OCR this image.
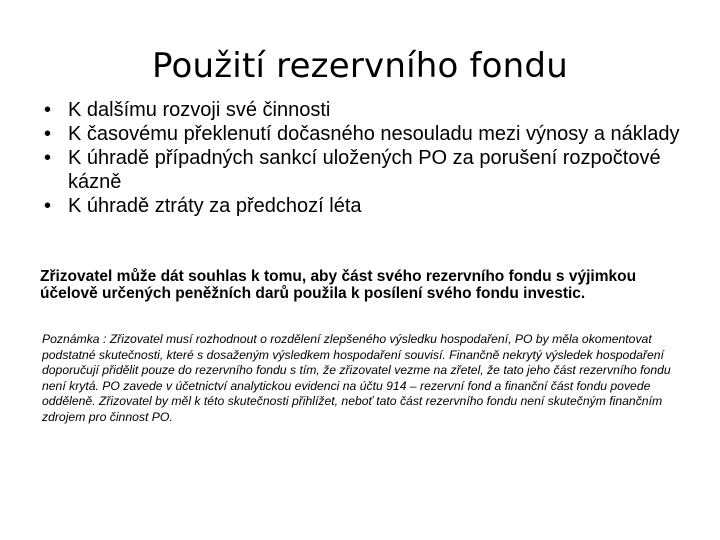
Použití rezervního fondu
• K dalšímu rozvoji své činnosti
• K časovému překlenutí dočasného nesouladu mezi výnosy a náklady
• K úhradě případných sankcí uložených PO za porušení rozpočtové kázně
• K úhradě ztráty za předchozí léta

Zřizovatel může dát souhlas k tomu, aby část svého rezervního fondu s výjimkou účelově určených peněžních darů použila k posílení svého fondu investic.

Poznámka : Zřizovatel musí rozhodnout o rozdělení zlepšeného výsledku hospodaření, PO by měla okomentovat podstatné skutečnosti, které s dosaženým výsledkem hospodaření souvisí. Finančně nekrytý výsledek hospodaření doporučují přidělit pouze do rezervního fondu s tím, že zřizovatel vezme na zřetel, že tato jeho část rezervního fondu není krytá. PO zavede v účetnictví analytickou evidenci na účtu 914 – rezervní fond a finanční část fondu povede odděleně. Zřizovatel by měl k této skutečnosti přihlížet, neboť tato část rezervního fondu není skutečným finančním zdrojem pro činnost PO.
